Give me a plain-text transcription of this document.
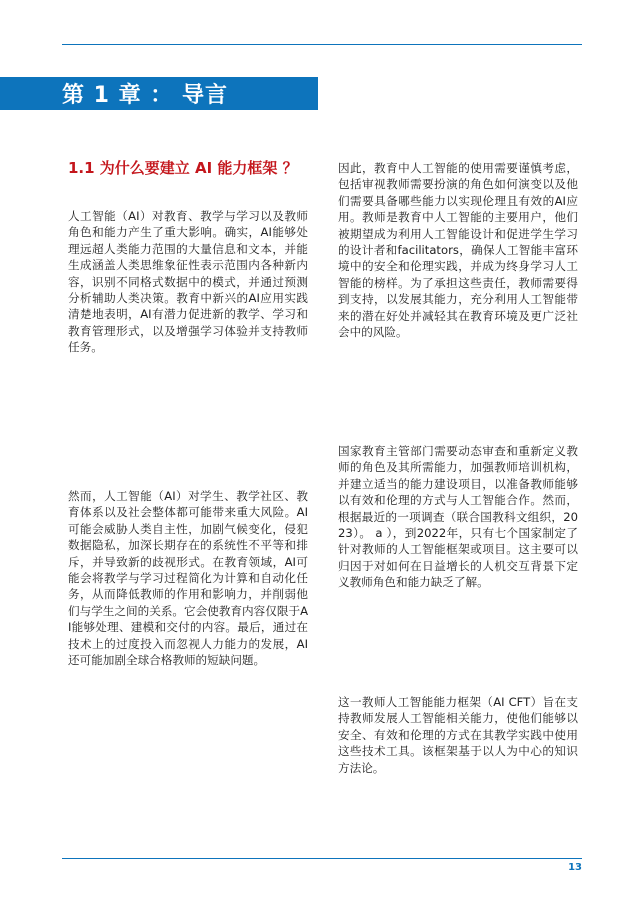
第 1 章 ： 导言
1.1 为什么要建立 AI 能力框架 ？

人工智能（AI）对教育、教学与学习以及教师角色和能力产生了重大影响。确实，AI能够处理远超人类能力范围的大量信息和文本，并能生成涵盖人类思维象征性表示范围内各种新内容，识别不同格式数据中的模式，并通过预测分析辅助人类决策。教育中新兴的AI应用实践清楚地表明，AI有潜力促进新的教学、学习和教育管理形式，以及增强学习体验并支持教师任务。

然而，人工智能（AI）对学生、教学社区、教育体系以及社会整体都可能带来重大风险。AI可能会威胁人类自主性，加剧气候变化，侵犯数据隐私，加深长期存在的系统性不平等和排斥，并导致新的歧视形式。在教育领域，AI可能会将教学与学习过程简化为计算和自动化任务，从而降低教师的作用和影响力，并削弱他们与学生之间的关系。它会使教育内容仅限于AI能够处理、建模和交付的内容。最后，通过在技术上的过度投入而忽视人力能力的发展，AI还可能加剧全球合格教师的短缺问题。

因此，教育中人工智能的使用需要谨慎考虑，包括审视教师需要扮演的角色如何演变以及他们需要具备哪些能力以实现伦理且有效的AI应用。教师是教育中人工智能的主要用户，他们被期望成为利用人工智能设计和促进学生学习的设计者和facilitators，确保人工智能丰富环境中的安全和伦理实践，并成为终身学习人工智能的榜样。为了承担这些责任，教师需要得到支持，以发展其能力，充分利用人工智能带来的潜在好处并减轻其在教育环境及更广泛社会中的风险。

国家教育主管部门需要动态审查和重新定义教师的角色及其所需能力，加强教师培训机构，并建立适当的能力建设项目，以准备教师能够以有效和伦理的方式与人工智能合作。然而，根据最近的一项调查（联合国教科文组织，2023）。 a ），到2022年，只有七个国家制定了针对教师的人工智能框架或项目。这主要可以归因于对如何在日益增长的人机交互背景下定义教师角色和能力缺乏了解。

这一教师人工智能能力框架（AI CFT）旨在支持教师发展人工智能相关能力，使他们能够以安全、有效和伦理的方式在其教学实践中使用这些技术工具。该框架基于以人为中心的知识方法论。

13
